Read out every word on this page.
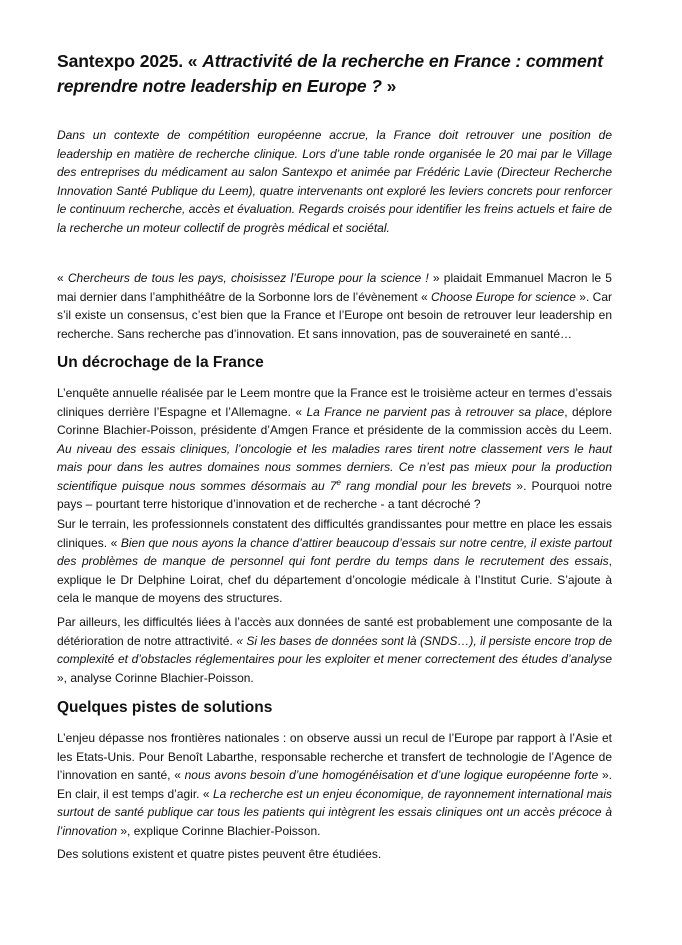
Santexpo 2025. « Attractivité de la recherche en France : comment reprendre notre leadership en Europe ? »

Dans un contexte de compétition européenne accrue, la France doit retrouver une position de leadership en matière de recherche clinique. Lors d’une table ronde organisée le 20 mai par le Village des entreprises du médicament au salon Santexpo et animée par Frédéric Lavie (Directeur Recherche Innovation Santé Publique du Leem), quatre intervenants ont exploré les leviers concrets pour renforcer le continuum recherche, accès et évaluation. Regards croisés pour identifier les freins actuels et faire de la recherche un moteur collectif de progrès médical et sociétal.

« Chercheurs de tous les pays, choisissez l’Europe pour la science ! » plaidait Emmanuel Macron le 5 mai dernier dans l’amphithéâtre de la Sorbonne lors de l’évènement « Choose Europe for science ». Car s’il existe un consensus, c’est bien que la France et l’Europe ont besoin de retrouver leur leadership en recherche. Sans recherche pas d’innovation. Et sans innovation, pas de souveraineté en santé…

Un décrochage de la France

L’enquête annuelle réalisée par le Leem montre que la France est le troisième acteur en termes d’essais cliniques derrière l’Espagne et l’Allemagne. « La France ne parvient pas à retrouver sa place, déplore Corinne Blachier-Poisson, présidente d’Amgen France et présidente de la commission accès du Leem. Au niveau des essais cliniques, l’oncologie et les maladies rares tirent notre classement vers le haut mais pour dans les autres domaines nous sommes derniers. Ce n’est pas mieux pour la production scientifique puisque nous sommes désormais au 7e rang mondial pour les brevets ». Pourquoi notre pays – pourtant terre historique d’innovation et de recherche - a tant décroché ?

Sur le terrain, les professionnels constatent des difficultés grandissantes pour mettre en place les essais cliniques. « Bien que nous ayons la chance d’attirer beaucoup d’essais sur notre centre, il existe partout des problèmes de manque de personnel qui font perdre du temps dans le recrutement des essais, explique le Dr Delphine Loirat, chef du département d’oncologie médicale à l’Institut Curie. S’ajoute à cela le manque de moyens des structures.

Par ailleurs, les difficultés liées à l’accès aux données de santé est probablement une composante de la détérioration de notre attractivité. « Si les bases de données sont là (SNDS…), il persiste encore trop de complexité et d’obstacles réglementaires pour les exploiter et mener correctement des études d’analyse », analyse Corinne Blachier-Poisson.

Quelques pistes de solutions

L’enjeu dépasse nos frontières nationales : on observe aussi un recul de l’Europe par rapport à l’Asie et les Etats-Unis. Pour Benoît Labarthe, responsable recherche et transfert de technologie de l’Agence de l’innovation en santé, « nous avons besoin d’une homogénéisation et d’une logique européenne forte ». En clair, il est temps d’agir. « La recherche est un enjeu économique, de rayonnement international mais surtout de santé publique car tous les patients qui intègrent les essais cliniques ont un accès précoce à l’innovation », explique Corinne Blachier-Poisson.

Des solutions existent et quatre pistes peuvent être étudiées.
